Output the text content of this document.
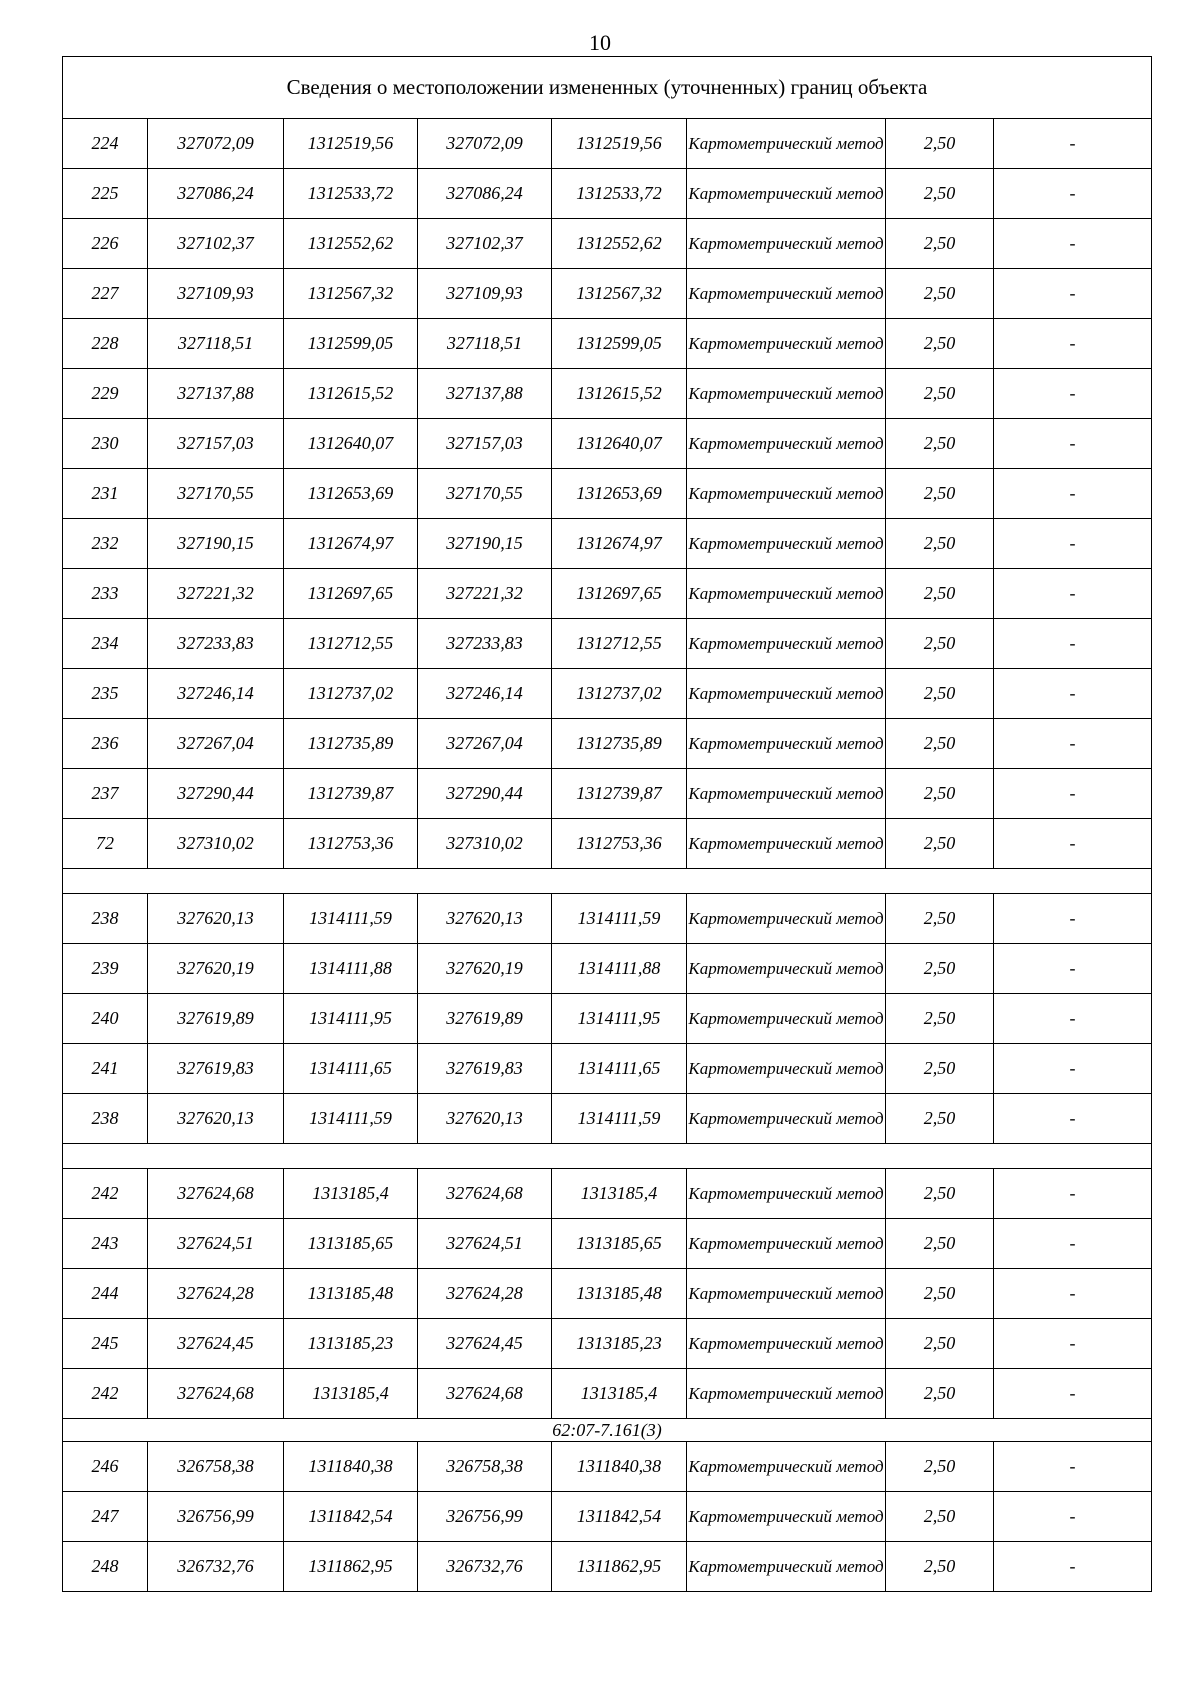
10
Сведения о местоположении измененных (уточненных) границ объекта							
224	327072,09	1312519,56	327072,09	1312519,56	Картометрический метод	2,50	-
225	327086,24	1312533,72	327086,24	1312533,72	Картометрический метод	2,50	-
226	327102,37	1312552,62	327102,37	1312552,62	Картометрический метод	2,50	-
227	327109,93	1312567,32	327109,93	1312567,32	Картометрический метод	2,50	-
228	327118,51	1312599,05	327118,51	1312599,05	Картометрический метод	2,50	-
229	327137,88	1312615,52	327137,88	1312615,52	Картометрический метод	2,50	-
230	327157,03	1312640,07	327157,03	1312640,07	Картометрический метод	2,50	-
231	327170,55	1312653,69	327170,55	1312653,69	Картометрический метод	2,50	-
232	327190,15	1312674,97	327190,15	1312674,97	Картометрический метод	2,50	-
233	327221,32	1312697,65	327221,32	1312697,65	Картометрический метод	2,50	-
234	327233,83	1312712,55	327233,83	1312712,55	Картометрический метод	2,50	-
235	327246,14	1312737,02	327246,14	1312737,02	Картометрический метод	2,50	-
236	327267,04	1312735,89	327267,04	1312735,89	Картометрический метод	2,50	-
237	327290,44	1312739,87	327290,44	1312739,87	Картометрический метод	2,50	-
72	327310,02	1312753,36	327310,02	1312753,36	Картометрический метод	2,50	-

238	327620,13	1314111,59	327620,13	1314111,59	Картометрический метод	2,50	-
239	327620,19	1314111,88	327620,19	1314111,88	Картометрический метод	2,50	-
240	327619,89	1314111,95	327619,89	1314111,95	Картометрический метод	2,50	-
241	327619,83	1314111,65	327619,83	1314111,65	Картометрический метод	2,50	-
238	327620,13	1314111,59	327620,13	1314111,59	Картометрический метод	2,50	-

242	327624,68	1313185,4	327624,68	1313185,4	Картометрический метод	2,50	-
243	327624,51	1313185,65	327624,51	1313185,65	Картометрический метод	2,50	-
244	327624,28	1313185,48	327624,28	1313185,48	Картометрический метод	2,50	-
245	327624,45	1313185,23	327624,45	1313185,23	Картометрический метод	2,50	-
242	327624,68	1313185,4	327624,68	1313185,4	Картометрический метод	2,50	-
62:07-7.161(3)							
246	326758,38	1311840,38	326758,38	1311840,38	Картометрический метод	2,50	-
247	326756,99	1311842,54	326756,99	1311842,54	Картометрический метод	2,50	-
248	326732,76	1311862,95	326732,76	1311862,95	Картометрический метод	2,50	-
